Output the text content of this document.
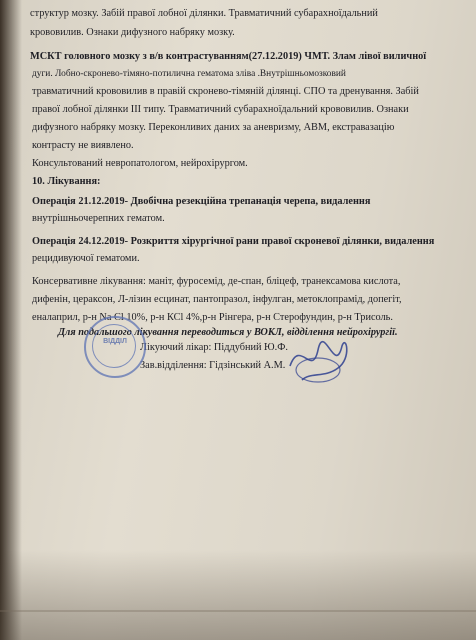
структур мозку. Забій правої лобної ділянки. Травматичний субарахноїдальний
крововилив. Ознаки дифузного набряку мозку.
МСКТ головного мозку з в/в контрастуванням(27.12.2019) ЧМТ. Злам лівої виличної
дуги. Лобно-скронево-тімяно-потилична гематома зліва .Внутрішньомозковий
травматичний крововилив в правій скронево-тімяній ділянці. СПО та дренування. Забій
правої лобної ділянки ІІІ типу. Травматичний субарахноїдальний крововилив. Ознаки
дифузного набряку мозку. Переконливих даних за аневризму, АВМ, екстравазацію
контрасту не виявлено.
Консультований невропатологом, нейрохірургом.
10. Лікування:
Операція 21.12.2019- Двобічна резекційна трепанація черепа, видалення
внутрішньочерепних гематом.
Операція 24.12.2019- Розкриття хірургічної рани правої скроневої ділянки, видалення
рецидивуючої гематоми.
Консервативне лікування: маніт, фуросемід, де-спан, бліцеф, транексамова кислота,
дифенін, цераксон, Л-лізин есцинат, пантопразол, інфулган, метоклопрамід, допегіт,
еналаприл, р-н Na Cl 10%, р-н КСl 4%,р-н Рінгера, р-н Стерофундин, р-н Трисоль.
Для подальшого лікування переводиться у ВОКЛ, відділення нейрохірургії.
Лікуючий лікар: Піддубний Ю.Ф.
Зав.відділення: Гідзінський А.М.
ВІДДІЛ
